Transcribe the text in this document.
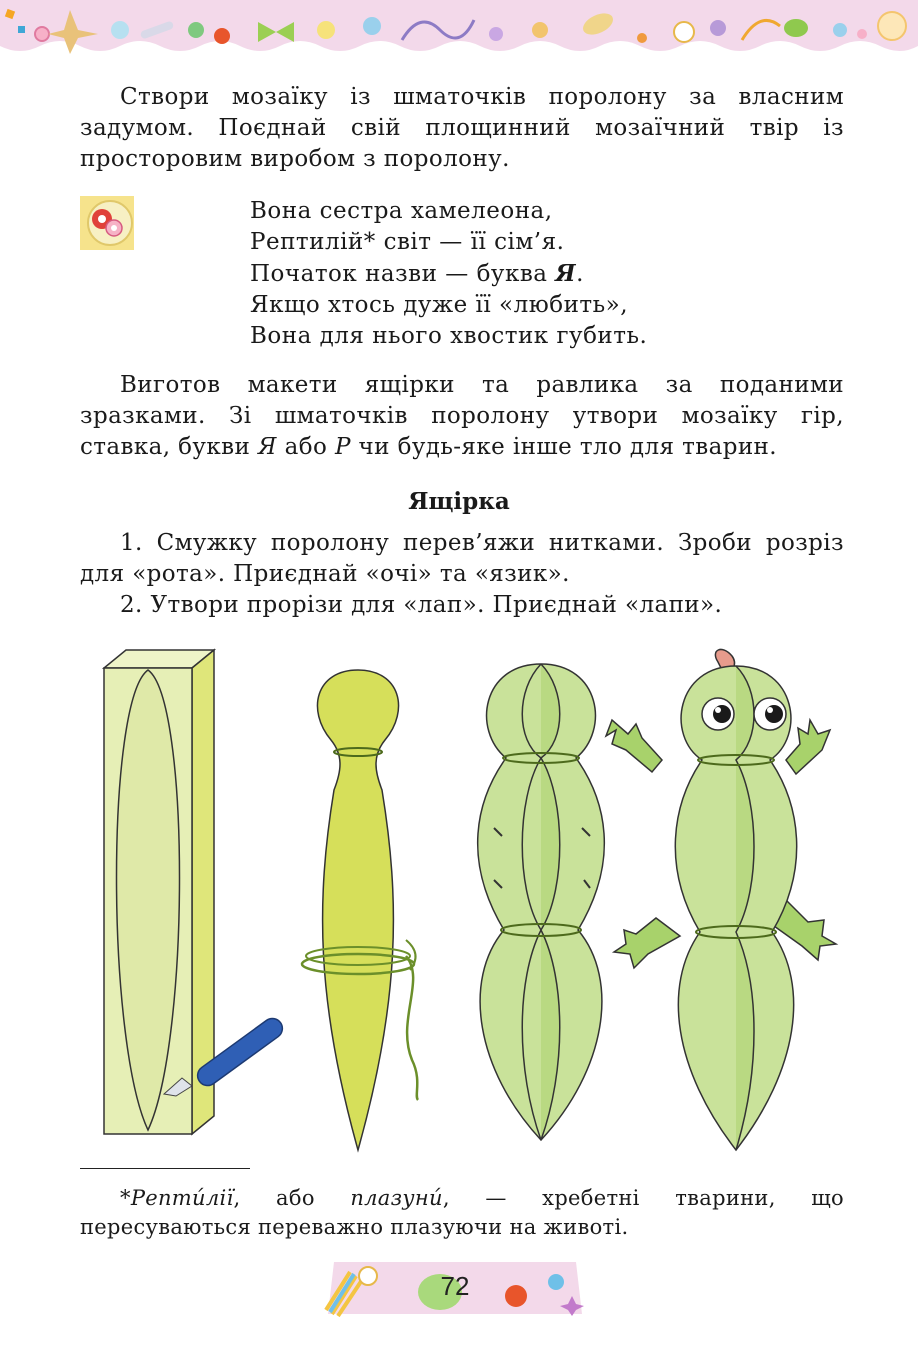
Створи мозаїку із шматочків поролону за власним задумом. Поєднай свій площинний мозаїчний твір із просторовим виробом з поролону.

Вона сестра хамелеона,
Рептилій* світ — її сім’я.
Початок назви — буква Я.
Якщо хтось дуже її «любить»,
Вона для нього хвостик губить.

Виготов макети ящірки та равлика за поданими зразками. Зі шматочків поролону утвори мозаїку гір, ставка, букви Я або Р чи будь-яке інше тло для тварин.

Ящірка

1. Смужку поролону перев’яжи нитками. Зроби розріз для «рота». Приєднай «очі» та «язик».

2. Утвори прорізи для «лап». Приєднай «лапи».

*Рептúлії, або плазунú, — хребетні тварини, що пересуваються переважно плазуючи на животі.

72
